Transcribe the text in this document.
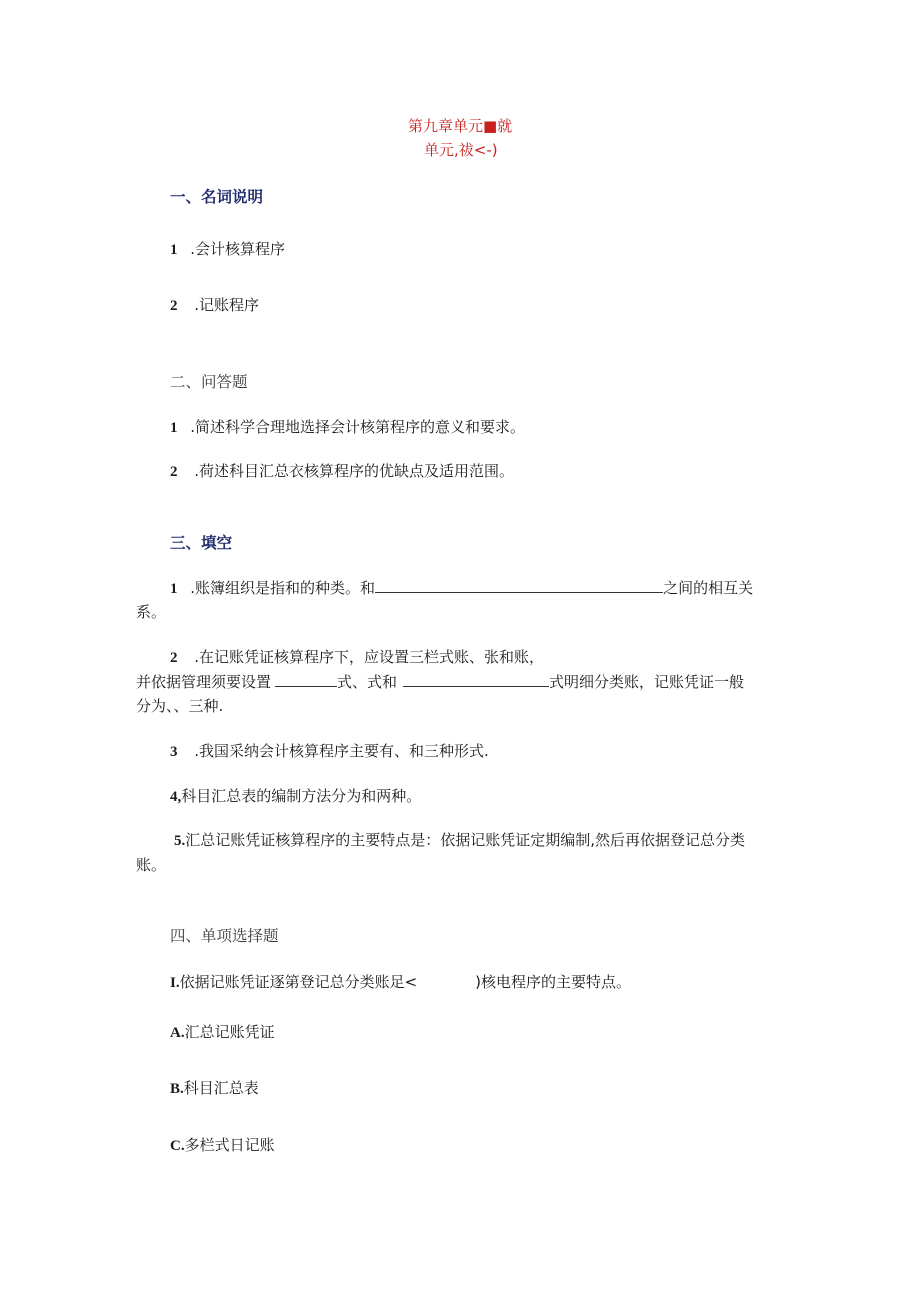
第九章单元■就
单元,祓<-)
一、名词说明
1 .会计核算程序
2 .记账程序
二、问答题
1 .简述科学合理地选择会计核第程序的意义和要求。
2 .荷述科目汇总衣核算程序的优缺点及适用范围。
三、填空
1 .账簿组织是指和的种类。和	之间的相互关
系。
2 .在记账凭证核算程序下，应设置三栏式账、张和账，
并依据管理须要设置	式、式和	式明细分类账，记账凭证一般
分为、、三种.
3 .我国采纳会计核算程序主要有、和三种形式.
4,科目汇总表的编制方法分为和两种。
5.汇总记账凭证核算程序的主要特点是：依据记账凭证定期编制,然后再依据登记总分类
账。
四、单项选择题
I.依据记账凭证逐第登记总分类账足<	)核电程序的主要特点。
A.汇总记账凭证
B.科目汇总表
C.多栏式日记账
